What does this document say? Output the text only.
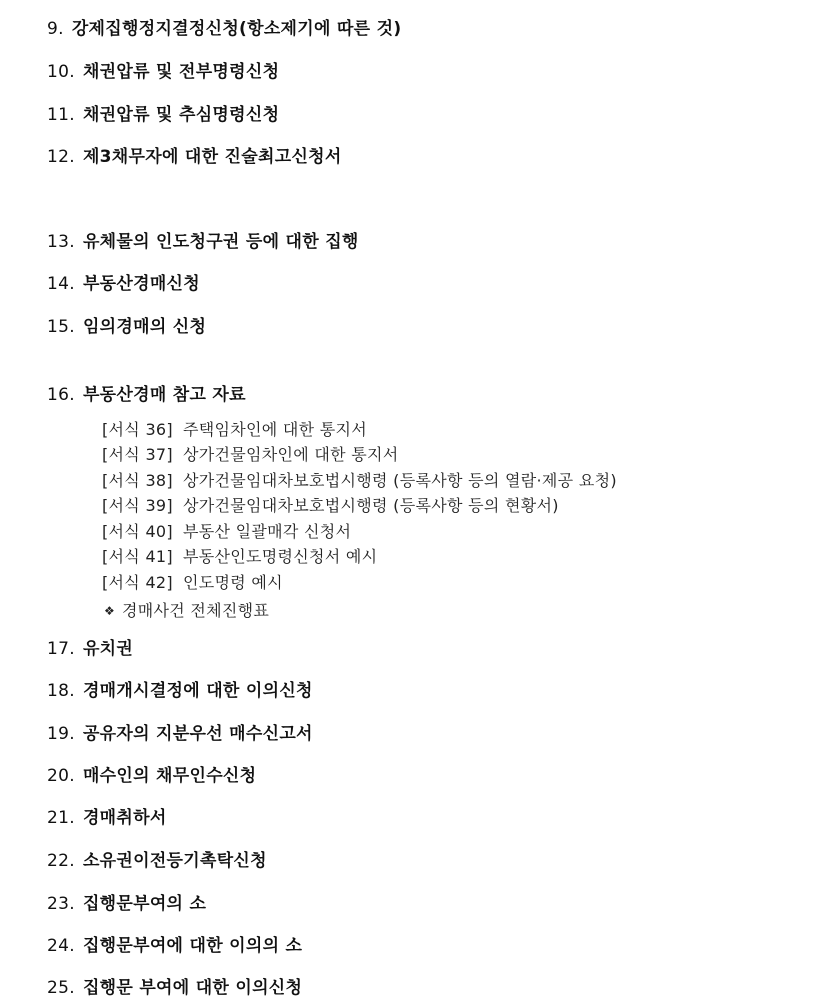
9. 강제집행정지결정신청(항소제기에 따른 것)
10. 채권압류 및 전부명령신청
11. 채권압류 및 추심명령신청
12. 제3채무자에 대한 진술최고신청서
13. 유체물의 인도청구권 등에 대한 집행
14. 부동산경매신청
15. 임의경매의 신청
16. 부동산경매 참고 자료
[서식 36] 주택임차인에 대한 통지서
[서식 37] 상가건물임차인에 대한 통지서
[서식 38] 상가건물임대차보호법시행령 (등록사항 등의 열람·제공 요청)
[서식 39] 상가건물임대차보호법시행령 (등록사항 등의 현황서)
[서식 40] 부동산 일괄매각 신청서
[서식 41] 부동산인도명령신청서 예시
[서식 42] 인도명령 예시
❖ 경매사건 전체진행표
17. 유치권
18. 경매개시결정에 대한 이의신청
19. 공유자의 지분우선 매수신고서
20. 매수인의 채무인수신청
21. 경매취하서
22. 소유권이전등기촉탁신청
23. 집행문부여의 소
24. 집행문부여에 대한 이의의 소
25. 집행문 부여에 대한 이의신청
